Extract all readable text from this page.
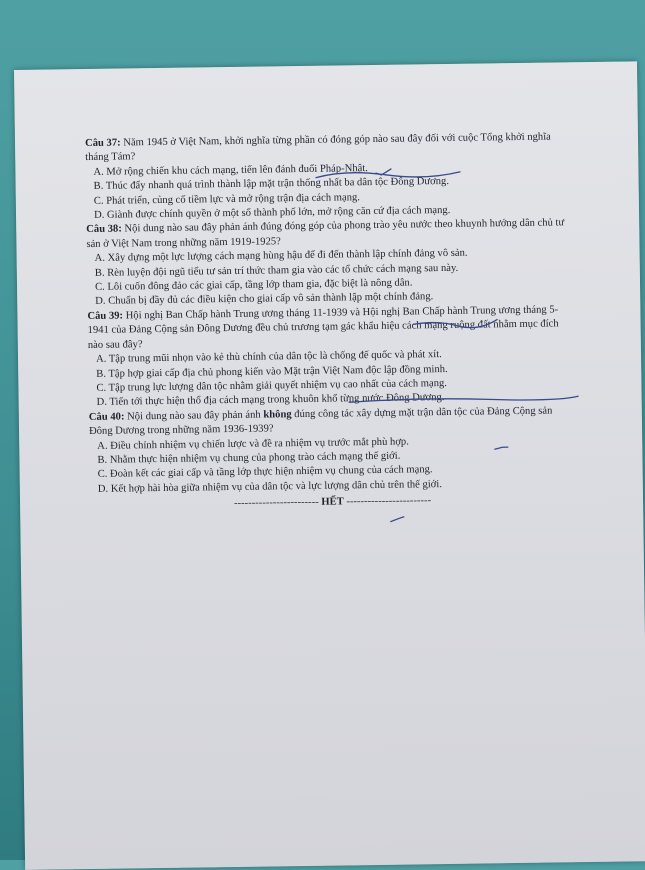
Câu 37: Năm 1945 ở Việt Nam, khởi nghĩa từng phần có đóng góp nào sau đây đối với cuộc Tổng khởi nghĩa tháng Tám?

A. Mở rộng chiến khu cách mạng, tiến lên đánh đuổi Pháp-Nhật.

B. Thúc đẩy nhanh quá trình thành lập mặt trận thống nhất ba dân tộc Đông Dương.

C. Phát triển, củng cố tiềm lực và mở rộng trận địa cách mạng.

D. Giành được chính quyền ở một số thành phố lớn, mở rộng căn cứ địa cách mạng.

Câu 38: Nội dung nào sau đây phản ánh đúng đóng góp của phong trào yêu nước theo khuynh hướng dân chủ tư sản ở Việt Nam trong những năm 1919-1925?

A. Xây dựng một lực lượng cách mạng hùng hậu để đi đến thành lập chính đảng vô sản.

B. Rèn luyện đội ngũ tiểu tư sản trí thức tham gia vào các tổ chức cách mạng sau này.

C. Lôi cuốn đông đảo các giai cấp, tầng lớp tham gia, đặc biệt là nông dân.

D. Chuẩn bị đầy đủ các điều kiện cho giai cấp vô sản thành lập một chính đảng.

Câu 39: Hội nghị Ban Chấp hành Trung ương tháng 11-1939 và Hội nghị Ban Chấp hành Trung ương tháng 5-1941 của Đảng Cộng sản Đông Dương đều chủ trương tạm gác khẩu hiệu cách mạng ruộng đất nhằm mục đích nào sau đây?

A. Tập trung mũi nhọn vào kẻ thù chính của dân tộc là chống đế quốc và phát xít.

B. Tập hợp giai cấp địa chủ phong kiến vào Mặt trận Việt Nam độc lập đồng minh.

C. Tập trung lực lượng dân tộc nhằm giải quyết nhiệm vụ cao nhất của cách mạng.

D. Tiến tới thực hiện thổ địa cách mạng trong khuôn khổ từng nước Đông Dương.

Câu 40: Nội dung nào sau đây phản ánh không đúng công tác xây dựng mặt trận dân tộc của Đảng Cộng sản Đông Dương trong những năm 1936-1939?

A. Điều chỉnh nhiệm vụ chiến lược và đề ra nhiệm vụ trước mắt phù hợp.

B. Nhằm thực hiện nhiệm vụ chung của phong trào cách mạng thế giới.

C. Đoàn kết các giai cấp và tầng lớp thực hiện nhiệm vụ chung của cách mạng.

D. Kết hợp hài hòa giữa nhiệm vụ của dân tộc và lực lượng dân chủ trên thế giới.

------------------------ HẾT ------------------------
